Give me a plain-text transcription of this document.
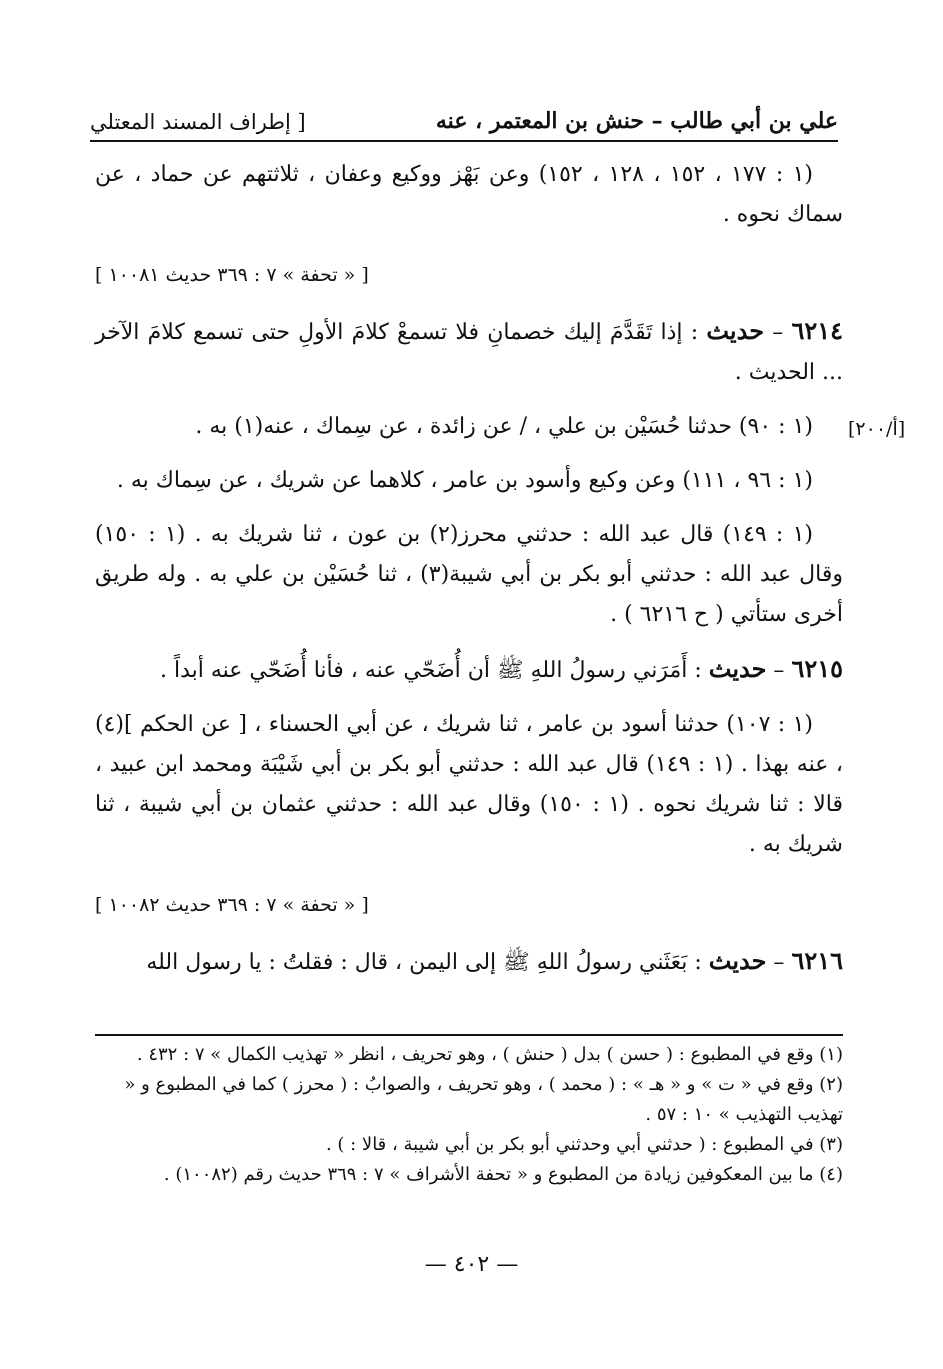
علي بن أبي طالب – حنش بن المعتمر ، عنه
[ إطراف المسند المعتلي
[۲۰۰/أ]

(١ : ١٧٧ ، ١٥٢ ، ١٢٨ ، ١٥٢) وعن بَهْز ووكيع وعفان ، ثلاثتهم عن حماد ، عن سماك نحوه .

[ « تحفة » ٧ : ٣٦٩ حديث ١٠٠٨١ ]

٦٢١٤ – حديث : إذا تَقَدَّمَ إليك خصمانِ فلا تسمعْ كلامَ الأولِ حتى تسمع كلامَ الآخر ... الحديث .

(١ : ٩٠) حدثنا حُسَيْن بن علي ، / عن زائدة ، عن سِماك ، عنه(١) به .

(١ : ٩٦ ، ١١١) وعن وكيع وأسود بن عامر ، كلاهما عن شريك ، عن سِماك به .

(١ : ١٤٩) قال عبد الله : حدثني محرز(٢) بن عون ، ثنا شريك به . (١ : ١٥٠) وقال عبد الله : حدثني أبو بكر بن أبي شيبة(٣) ، ثنا حُسَيْن بن علي به . وله طريق أخرى ستأتي ( ح ٦٢١٦ ) .

٦٢١٥ – حديث : أَمَرَني رسولُ اللهِ ﷺ أن أُضَحّي عنه ، فأنا أُضَحّي عنه أبداً .

(١ : ١٠٧) حدثنا أسود بن عامر ، ثنا شريك ، عن أبي الحسناء ، [ عن الحكم ](٤) ، عنه بهذا . (١ : ١٤٩) قال عبد الله : حدثني أبو بكر بن أبي شَيْبَة ومحمد ابن عبيد ، قالا : ثنا شريك نحوه . (١ : ١٥٠) وقال عبد الله : حدثني عثمان بن أبي شيبة ، ثنا شريك به .

[ « تحفة » ٧ : ٣٦٩ حديث ١٠٠٨٢ ]

٦٢١٦ – حديث : بَعَثَني رسولُ اللهِ ﷺ إلى اليمن ، قال : فقلتُ : يا رسول الله

(١) وقع في المطبوع : ( حسن ) بدل ( حنش ) ، وهو تحريف ، انظر « تهذيب الكمال » ٧ : ٤٣٢ .

(٢) وقع في « ت » و « هـ » : ( محمد ) ، وهو تحريف ، والصوابُ : ( محرز ) كما في المطبوع و « تهذيب التهذيب » ١٠ : ٥٧ .

(٣) في المطبوع : ( حدثني أبي وحدثني أبو بكر بن أبي شيبة ، قالا : ) .

(٤) ما بين المعكوفين زيادة من المطبوع و « تحفة الأشراف » ٧ : ٣٦٩ حديث رقم (١٠٠٨٢) .

— ٤٠٢ —
